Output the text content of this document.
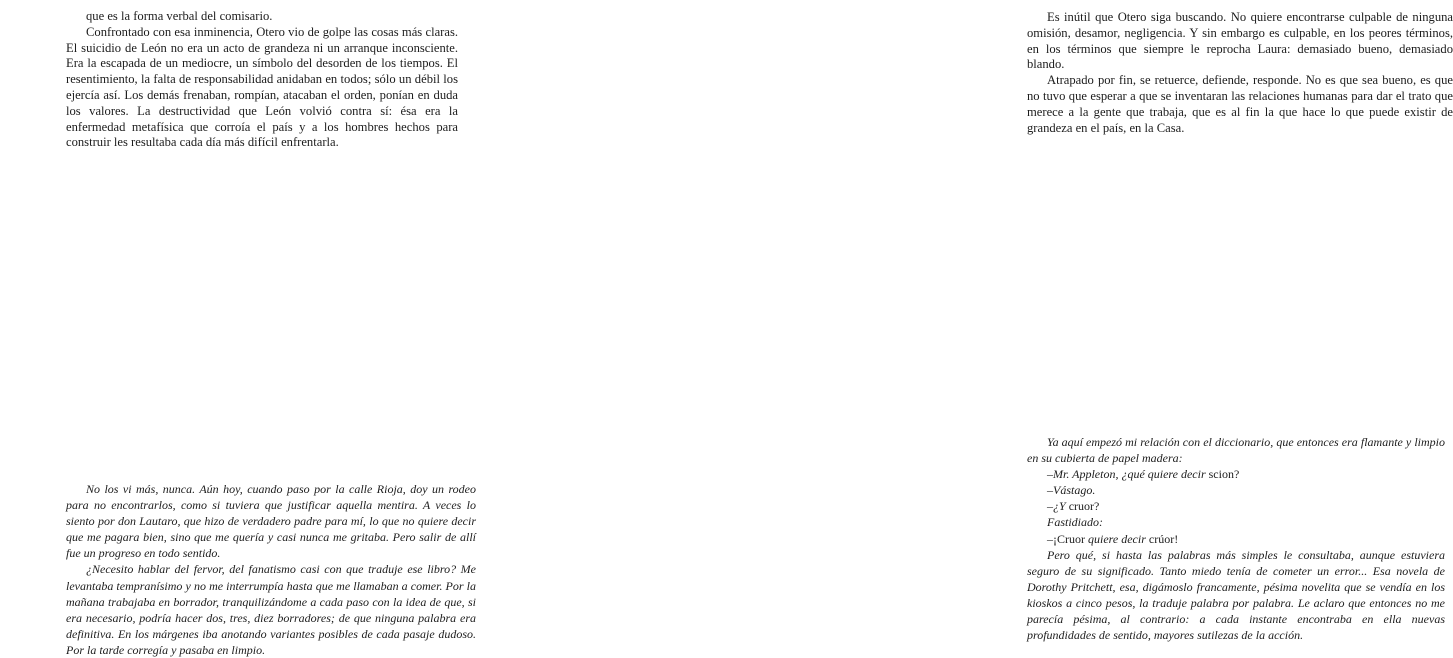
que es la forma verbal del comisario.

Confrontado con esa inminencia, Otero vio de golpe las cosas más claras. El suicidio de León no era un acto de grandeza ni un arranque inconsciente. Era la escapada de un mediocre, un símbolo del desorden de los tiempos. El resentimiento, la falta de responsabilidad anidaban en todos; sólo un débil los ejercía así. Los demás frenaban, rompían, atacaban el orden, ponían en duda los valores. La destructividad que León volvió contra sí: ésa era la enfermedad metafísica que corroía el país y a los hombres hechos para construir les resultaba cada día más difícil enfrentarla.

No los vi más, nunca. Aún hoy, cuando paso por la calle Rioja, doy un rodeo para no encontrarlos, como si tuviera que justificar aquella mentira. A veces lo siento por don Lautaro, que hizo de verdadero padre para mí, lo que no quiere decir que me pagara bien, sino que me quería y casi nunca me gritaba. Pero salir de allí fue un progreso en todo sentido.

¿Necesito hablar del fervor, del fanatismo casi con que traduje ese libro? Me levantaba tempranísimo y no me interrumpía hasta que me llamaban a comer. Por la mañana trabajaba en borrador, tranquilizándome a cada paso con la idea de que, si era necesario, podría hacer dos, tres, diez borradores; de que ninguna palabra era definitiva. En los márgenes iba anotando variantes posibles de cada pasaje dudoso. Por la tarde corregía y pasaba en limpio.

Es inútil que Otero siga buscando. No quiere encontrarse culpable de ninguna omisión, desamor, negligencia. Y sin embargo es culpable, en los peores términos, en los términos que siempre le reprocha Laura: demasiado bueno, demasiado blando.

Atrapado por fin, se retuerce, defiende, responde. No es que sea bueno, es que no tuvo que esperar a que se inventaran las relaciones humanas para dar el trato que merece a la gente que trabaja, que es al fin la que hace lo que puede existir de grandeza en el país, en la Casa.

Ya aquí empezó mi relación con el diccionario, que entonces era flamante y limpio en su cubierta de papel madera:

–Mr. Appleton, ¿qué quiere decir scion?

–Vástago.

–¿Y cruor?

Fastidiado:

–¡Cruor quiere decir crúor!

Pero qué, si hasta las palabras más simples le consultaba, aunque estuviera seguro de su significado. Tanto miedo tenía de cometer un error... Esa novela de Dorothy Pritchett, esa, digámoslo francamente, pésima novelita que se vendía en los kioskos a cinco pesos, la traduje palabra por palabra. Le aclaro que entonces no me parecía pésima, al contrario: a cada instante encontraba en ella nuevas profundidades de sentido, mayores sutilezas de la acción.
